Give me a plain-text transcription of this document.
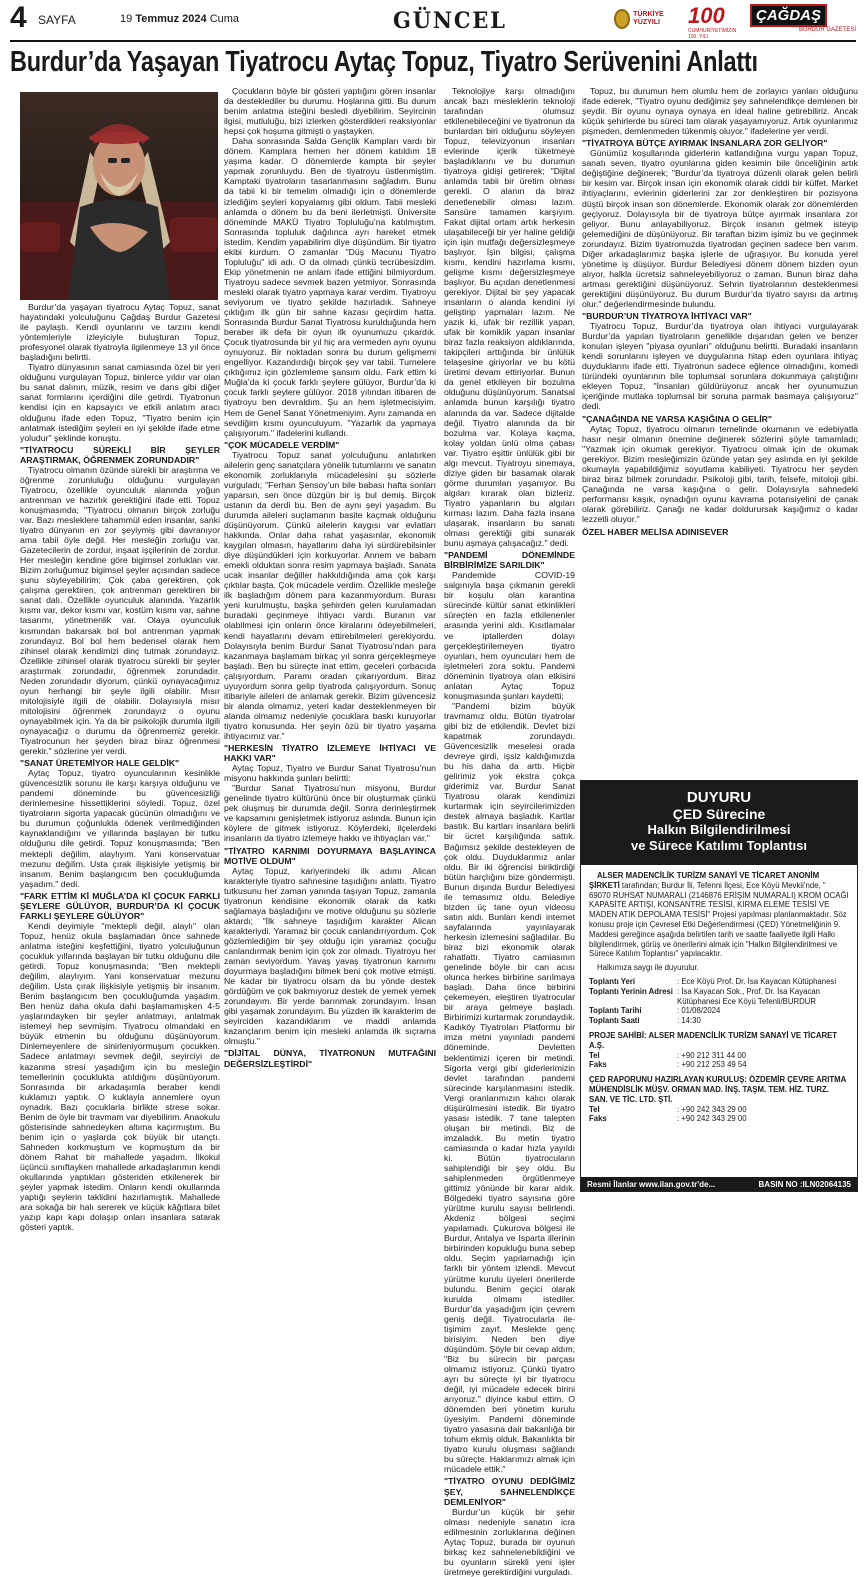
4 SAYFA	19 Temmuz 2024 Cuma	GÜNCEL	TÜRKİYE YÜZYILI	100
CUMHURİYETİMİZİN 100. YILI
ÇAĞDAŞ
BURDUR GAZETESİ
Burdur’da Yaşayan Tiyatrocu Aytaç Topuz, Tiyatro Serüvenini Anlattı

Burdur’da yaşayan tiyatrocu Aytaç Topuz, sanat hayatındaki yolculuğunu Çağdaş Burdur Gazetesi ile paylaştı. Kendi oyunlarını ve tarzını kendi yöntemleriyle izleyiciyle buluşturan Topuz, profesyonel olarak tiyatroyla ilgilenmeye 13 yıl önce başladığını belirtti.

Tiyatro dünyasının sanat camiasında özel bir yeri olduğunu vurgulayan Topuz, binlerce yıldır var olan bu sanat dalının, müzik, resim ve dans gibi diğer sanat formlarını içerdiğini dile getirdi. Tiyatronun kendisi için en kapsayıcı ve etkili anlatım aracı olduğunu ifade eden Topuz, "Tiyatro benim için anlatmak istediğim şeyleri en iyi şekilde ifade etme yoludur" şeklinde konuştu.

"TİYATROCU SÜREKLİ BİR ŞEYLER ARAŞTIRMAK, ÖĞRENMEK ZORUNDADIR"

Tiyatrocu olmanın özünde sürekli bir araştırma ve öğrenme zorunluluğu olduğunu vurgulayan Tiyatrocu, özellikle oyunculuk alanında yoğun antrenman ve hazırlık gerektiğini ifade etti. Topuz konuşmasında; "Tiyatrocu olmanın birçok zorluğu var. Bazı mesleklere tahammül eden insanlar, sanki tiyatro dünyanın en zor şeyiymiş gibi davranıyor ama tabii öyle değil. Her mesleğin zorluğu var. Gazetecilerin de zordur, inşaat işçilerinin de zordur. Her mesleğin kendine göre bigimsel zorlukları var. Bizim zorluğumuz bigimsel şeyler açısından sadece şunu söyleyebilirim; Çok çaba gerektiren, çok çalışma gerektiren, çok antrenman gerektiren bir sanat dalı. Özellikle oyunculuk alanında. Yazarlık kısmı var, dekor kısmı var, kostüm kısmı var, sahne tasarımı, yönetmenlik var. Olaya oyunculuk kısmından bakarsak bol bol antrenman yapmak zorundayız. Bol bol hem bedensel olarak hem zihinsel olarak kendimizi dinç tutmak zorundayız. Özellikle zihinsel olarak tiyatrocu sürekli bir şeyler araştırmak zorundadır, öğrenmek zorundadır. Neden zorundadır diyorum, çünkü oynayacağımız oyun herhangi bir şeyle ilgili olabilir. Mısır mitolojisiyle ilgili de olabilir. Dolayısıyla mısır mitolojisini öğrenmek zorundayız o oyunu oynayabilmek için. Ya da bir psikolojik durumla ilgili oynayacağız o durumu da öğrenmemiz gerekir. Tiyatrocunun her şeyden biraz biraz öğrenmesi gerekir." sözlerine yer verdi.

"SANAT ÜRETEMİYOR HALE GELDİK"

Aytaç Topuz, tiyatro oyuncularının kesinlikle güvencesizlik sorunu ile karşı karşıya olduğunu ve pandemi döneminde bu güvencesizliği derinlemesine hissettiklerini söyledi. Topuz, özel tiyatroların sigorta yapacak gücünün olmadığını ve bu durumun çoğunlukla ödenek verilmediğinden kaynaklandığını ve yıllarında başlayan bir tutku olduğunu dile getirdi. Topuz konuşmasında; "Ben mektepli değilim, alaylıyım. Yani konservatuar mezunu değilim. Usta çırak ilişkisiyle yetişmiş bir insanım. Benim başlangıcım ben çocukluğumda yaşadım." dedi.

"FARK ETTİM Kİ MUĞLA’DA Kİ ÇOCUK FARKLI ŞEYLERE GÜLÜYOR, BURDUR’DA Kİ ÇOCUK FARKLI ŞEYLERE GÜLÜYOR"

Kendi deyimiyle "mektepli değil, alaylı" olan Topuz, henüz okula başlamadan önce sahnede anlatma isteğini keşfettiğini, tiyatro yolculuğunun çocukluk yıllarında başlayan bir tutku olduğunu dile getirdi. Topuz konuşmasında; "Ben mektepli değilim, alaylıyım. Yani konservatuar mezunu değilim. Usta çırak ilişkisiyle yetişmiş bir insanım. Benim başlangıcım ben çocukluğumda yaşadım. Ben henüz daha okula dahi başlamamışken 4-5 yaşlarındayken bir şeyler anlatmayı, anlatmak istemeyi hep sevmişim. Tiyatrocu olmandaki en büyük etmenin bu olduğunu düşünüyorum. Dinlemeyenlere de sinirleniyormuşum çocukken. Sadece anlatmayı sevmek değil, seyirciyi de kazanma stresi yaşadığım için bu mesleğin temellerinin çocuklukta atıldığını düşünüyorum. Sonrasında bir arkadaşımla beraber kendi kuklamızı yaptık. O kuklayla annemlere oyun oynadık. Bazı çocuklarla birlikte strese sokar. Benim de öyle bir travmam var diyebilirim. Anaokulu gösterisinde sahnedeyken altıma kaçırmıştım. Bu benim için o yaşlarda çok büyük bir utançtı. Sahneden korkmuştum ve kopmuştum da bir dönem Rahat bir mahallede yaşadım. İlkokul üçüncü sınıftayken mahallede arkadaşlarımın kendi okullarında yaptıkları gösteriden etkilenerek bir şeyler yapmak istedim. Onların kendi okullarında yaptığı şeylerin taklidini hazırlamıştık. Mahallede ara sokağa bir halı sererek ve küçük kâğıtlara bilet yazıp kapı kapı dolaşıp onları insanlara satarak gösteri yaptık.

Çocukların böyle bir gösteri yaptığını gören insanlar da desteklediler bu durumu. Hoşlarına gitti. Bu durum benim anlatma isteğini besledi diyebilirim. Seyircinin ilgisi, mutluluğu, bizi izlerken gösterdikleri reaksiyonlar hepsi çok hoşuma gitmişti o yaştayken.

Daha sonrasında Salda Gençlik Kampları vardı bir dönem. Kamplara hemen her dönem katıldım 18 yaşıma kadar. O dönemlerde kampta bir şeyler yapmak zorunluydu. Ben de tiyatroyu üstlenmiştim. Kamptaki tiyatroların tasarlanmasını sağladım. Bunu da tabii ki bir temelim olmadığı için o dönemlerde izlediğim şeyleri kopyalamış gibi oldum. Tabii mesleki anlamda o dönem bu da beni ilerletmişti. Üniversite döneminde MAKÜ Tiyatro Topluluğu’na katılmıştım. Sonrasında topluluk dağılınca ayrı hareket etmek istedim. Kendim yapabilirim diye düşündüm. Bir tiyatro ekibi kurdum. O zamanlar "Düş Macunu Tiyatro Topluluğu" idi adı. O da olmadı çünkü tecrübesizdim. Ekip yönetmenin ne anlam ifade ettiğini bilmiyordum. Tiyatroyu sadece sevmek bazen yetmiyor. Sonrasında mesleki olarak tiyatro yapmaya karar verdim. Tiyatroyu seviyorum ve tiyatro şekilde hazırladık. Sahneye çıktığım ilk gün bir sahne kazası geçirdim hatta. Sonrasında Burdur Sanat Tiyatrosu kurulduğunda hem beraber ilk defa bir oyun ilk oyunumuzu çıkardık. Çocuk tiyatrosunda bir yıl hiç ara vermeden aynı oyunu oynuyoruz. Bir noktadan sonra bu durum gelişmemi engelliyor. Kazandırdığı birçok şey var tabii. Turnelere çıktığımız için gözlemleme şansım oldu. Fark ettim ki Muğla’da ki çocuk farklı şeylere gülüyor, Burdur’da ki çocuk farklı şeylere gülüyor. 2018 yılından itibaren de tiyatroyu ben devraldım. Şu an hem işletmecisiyim. Hem de Genel Sanat Yönetmeniyim. Aynı zamanda en sevdiğim kısmı oyunculuyum. "Yazarlık da yapmaya çalışıyorum." ifadelerini kullandı.

"ÇOK MÜCADELE VERDİM"

Tiyatrocu Topuz sanat yolculuğunu anlatırken ailelerin genç sanatçılara yönelik tutumlarını ve sanatın ekonomik zorluklarıyla mücadelesini şu sözlerle vurguladı; "Ferhan Şensoy’un bile babası hafta sonları yaparsın, sen önce düzgün bir iş bul demiş. Birçok ustanın da derdi bu. Ben de aynı şeyi yaşadım. Bu durumda aileleri suçlamanın basite kaçmak olduğunu düşünüyorum. Çünkü ailelerin kaygısı var evlatları hakkında. Onlar daha rahat yaşasınlar, ekonomik kaygıları olmasın, hayatlarını daha iyi sürdürebilsinler diye düşündükleri için korkuyorlar. Annem ve babam emekli olduktan sonra resim yapmaya başladı. Sanata ucak insanlar değiller hakkıldığında ama çok karşı çıktılar başta. Çok mücadele verdim. Özellikle mesleğe ilk başladığım dönem para kazanmıyordum. Burası yeni kurulmuştu, başka şehirden gelen kurulamadan buradaki geçinmeye ihtiyacı vardı. Buranın var olabilmesi için onların önce kiralarını ödeyebilmeleri, kendi hayatlarını devam ettirebilmeleri gerekiyordu. Dolayısıyla benim Burdur Sanat Tiyatrosu’ndan para kazanmaya başlamam birkaç yıl sonra gerçekleşmeye başladı. Ben bu süreçte inat ettim, geceleri çorbacıda çalışıyordum. Paramı oradan çıkarıyordum. Biraz uyuyordum sonra gelip tiyatroda çalışıyordum. Sonuç itibariyle aileleri de anlamak gerekir. Bizim güvencesiz bir alanda olmamız, yeteri kadar desteklenmeyen bir alanda olmamız nedeniyle çocuklara baskı kuruyorlar tiyatro konusunda. Her şeyin özü bir tiyatro yaşama ihtiyacımız var."

"HERKESİN TİYATRO İZLEMEYE İHTİYACI VE HAKKI VAR"

Aytaç Topuz, Tiyatro ve Burdur Sanat Tiyatrosu’nun misyonu hakkında şunları belirtti:

"Burdur Sanat Tiyatrosu’nun misyonu, Burdur genelinde tiyatro kültürünü önce bir oluşturmak çünkü pek oluşmuş bir durumda değil. Sonra derinleştirmek ve kapsamını genişletmek istiyoruz aslında. Bunun için köylere de gitmek istiyoruz. Köylerdeki, ilçelerdeki insanların da tiyatro izlemeye hakkı ve ihtiyaçları var."

"TİYATRO KARNIMI DOYURMAYA BAŞLAYINCA MOTİVE OLDUM"

Aytaç Topuz, kariyerindeki ilk adımı Alican karakteriyle tiyatro sahnesine taşıdığını anlattı. Tiyatro tutkusunu her zaman yanında taşıyan Topuz, zamanla tiyatronun kendisine ekonomik olarak da katkı sağlamaya başladığını ve motive olduğunu şu sözlerle aktardı; "İlk sahneye taşıdığım karakter Alican karakteriydi. Yaramaz bir çocuk canlandırıyordum. Çok gözlemlediğim bir şey olduğu için yaramaz çocuğu canlandırmak benim için çok zor olmadı. Tiyatroyu her zaman seviyordum. Yavaş yavaş tiyatronun karnımı doyurmaya başladığını bilmek beni çok motive etmişti. Ne kadar bir tiyatrocu olsam da bu yönde destek gördüğüm ve çok bakmıyoruz destek de yemek yemek zorundayım. Bir yerde barınmak zorundayım. İnsan gibi yaşamak zorundayım. Bu yüzden ilk karakterim de seyirciden kazandıklarım ve maddi anlamda kazançlarım benim için mesleki anlamda ilk sıçrama olmuştu."

"DİJİTAL DÜNYA, TİYATRONUN MUTFAĞINI DEĞERSİZLEŞTİRDİ"

Teknolojiye karşı olmadığını ancak bazı mesleklerin teknoloji tarafından olumsuz etkilenebileceğini ve tiyatronun da bunlardan biri olduğunu söyleyen Topuz, televizyonun insanları evlerinde içerik tüketmeye başladıklarını ve bu durumun tiyatroya gidişi getirerek; "Dijital anlamda tabii bir üretim olması gerekli. O alanın da biraz denetlenebilir olması lazım. Sansüre tamamen karşıyım. Fakat dijital ortam artık herkesin ulaşabileceği bir yer haline geldiği için işin mutfağı değersizleşmeye başlıyor. İşin bilgisi, çalışma kısmı, kendini hazırlama kısmı, gelişme kısmı değersizleşmeye başlıyor. Bu açıdan denetlenmesi gerekiyor. Dijital bir şey yapacak insanların o alanda kendini iyi geliştirip yapmaları lazım. Ne yazık ki, ufak bir rezillik yapan, ufak bir komiklik yapan insanlar biraz fazla reaksiyon aldıklarında, takipçileri arttığında bir ünlülük telaşesine giriyorlar ve bu kötü üretimi devam ettiriyorlar. Bunun da genel etkileyen bir bozulma olduğunu düşünüyorum. Sanatsal anlamda bunun karşılığı tiyatro alanında da var. Sadece dijitalde değil. Tiyatro alanında da bir bozulma var. Kolaya kaçma, kolay yoldan ünlü olma çabası var. Tiyatro eşittir ünlülük gibi bir algı mevcut. Tiyatroyu sinemaya, diziye giden bir basamak olarak görme durumları yaşanıyor. Bu algıları kırarak olan bizleriz. Tiyatro yapanların bu algıları kırması lazım. Daha fazla insana ulaşarak, insanların bu sanatı olması gerektiği gibi sunarak bunu aşmaya çalışacağız." dedi.

"PANDEMİ DÖNEMİNDE BİRBİRİMİZE SARILDIK"

Pandemide COVID-19 salgınıyla başa çıkmanın gerekli bir koşulu olan karantina sürecinde kültür sanat etkinlikleri süreçten en fazla etkilenenler arasında yerini aldı. Kısıtlamalar ve iptallerden dolayı gerçekleştirilemeyen tiyatro oyunları, hem oyuncuları hem de işletmeleri zora soktu. Pandemi döneminin tiyatroya olan etkisini anlatan Aytaç Topuz konuşmasında şunları kaydetti;

"Pandemi bizim büyük travmamız oldu. Bütün tiyatrolar gibi biz de etkilendik. Devlet bizi kapatmak zorundaydı. Güvencesizlik meselesi orada devreye girdi, işsiz kaldığımızda bu his daha da arttı. Hiçbir gelirimiz yok ekstra çokça giderimiz var. Burdur Sanat Tiyatrosu olarak kendimizi kurtarmak için seyircilerimizden destek almaya başladık. Kartlar bastık. Bu kartları insanlara belirli bir ücret karşılığında sattık. Bağımsız şekilde destekleyen de çok oldu. Duyduklarımız anlar oldu. Bir iki öğrencisi biriktirdiği bütün harçlığını bize göndermişti. Bunun dışında Burdur Belediyesi ile temasımız oldu. Belediye bizden üç tane oyun videosu satın aldı. Bunları kendi internet sayfalarında yayınlayarak herkesin izlemesini sağladılar. Bu biraz bizi ekonomik olarak rahatlattı. Tiyatro camiasının genelinde böyle bir can acısı olunca herkes birbirine sarılmaya başladı. Daha önce birbirini çekemeyen, eleştiren tiyatrocular bir araya gelmeye başladı. Birbirimizi kurtarmak zorundaydık. Kadıköy Tiyatroları Platformu bir imza metni yayınladı pandemi döneminde. Devletten beklentimizi içeren bir metindi. Sigorta vergi gibi giderlerimizin devlet tarafından pandemi sürecinde karşılanmasını istedik. Vergi oranlarımızın kalıcı olarak düşürülmesini istedik. Bir tiyatro yasası istedik. 7 tane talepten oluşan bir metindi. Biz de imzaladık. Bu metin tiyatro camiasında o kadar hızla yayıldı ki. Bütün tiyatrocuların sahiplendiği bir şey oldu. Bu sahiplenmeden örgütlenmeye gittimiz yönünde bir karar aldık. Bölgedeki tiyatro sayısına göre yürütme kurulu sayısı belirlendi. Akdeniz bölgesi seçimi yapılamadı. Çukurova bölgesi ile Burdur, Antalya ve Isparta illerinin birbirinden kopukluğu buna sebep oldu. Seçim yapılamadığı için farklı bir yöntem izlendi. Mevcut yürütme kurulu üyeleri önerilerde bulundu. Benim geçici olarak kurulda olmamı istediler. Burdur’da yaşadığım için çevrem geniş değil. Tiyatrocularla ile-tişimim zayıf. Meslekte genç birisiyim. Neden ben diye düşündüm. Şöyle bir cevap aldım; "Biz bu sürecin bir parçası olmamız istiyoruz. Çünkü tiyatro ayrı bu süreçte iyi bir tiyatrocu değil, iyi mücadele edecek birini arıyoruz." diyince kabul ettim. O dönemden beri yönetim kurulu üyesiyim. Pandemi döneminde tiyatro yasasına dair bakanlığa bir tohum ekmiş olduk. Bakanlıkta bir tiyatro kurulu oluşması sağlandı bu süreçte. Haklarımızı almak için mücadele ettik."

"TİYATRO OYUNU DEDİĞİMİZ ŞEY, SAHNELENDİKÇE DEMLENİYOR"

Burdur’un küçük bir şehir olması nedeniyle sanatın icra edilmesinin zorluklarına değinen Aytaç Topuz, burada bir oyunun birkaç kez sahnelenebildiğini ve bu oyunların sürekli yeni işler üretmeye gerektirdiğini vurguladı.

Topuz, bu durumun hem olumlu hem de zorlayıcı yanları olduğunu ifade ederek, "Tiyatro oyunu dediğimiz şey sahnelendikçe demlenen bir şeydir. Bir oyunu oynaya oynaya en ideal haline getirebiliriz. Ancak küçük şehirlerde bu süreci tam olarak yaşayamıyoruz. Artık oyunlarımız pişmeden, demlenmeden tükenmiş oluyor." ifadelerine yer verdi.

"TİYATROYA BÜTÇE AYIRMAK İNSANLARA ZOR GELİYOR"

Günümüz koşullarında giderlerin katlandığına vurgu yapan Topuz, sanatı seven, tiyatro oyunlarına giden kesimin bile önceliğinin artık değiştiğine değinerek; "Burdur’da tiyatroya düzenli olarak gelen belirli bir kesim var. Birçok insan için ekonomik olarak ciddi bir külfet. Market ihtiyaçlarını, evlerinin giderlerini zar zor denkleştiren bir pozisyona düştü birçok insan son dönemlerde. Ekonomik olarak zor dönemlerden geçiyoruz. Dolayısıyla bir de tiyatroya bütçe ayırmak insanlara zor geliyor. Bunu anlayabiliyoruz. Birçok insanın gelmek isteyip gelemediğini de düşünüyoruz. Bir taraftan bizim işimiz bu ve geçinmek zorundayız. Bizim tiyatromuzda tiyatrodan geçinen sadece ben varım. Diğer arkadaşlarımız başka işlerle de uğraşıyor. Bu konuda yerel yönetime iş düşüyor. Burdur Belediyesi dönem dönem bizden oyun alıyor, halkla ücretsiz sahneleyebiliyoruz o zaman. Bunun biraz daha artması gerektiğini düşünüyoruz. Sehrin tiyatrolarının desteklenmesi gerektiğini düşünüyoruz. Bu durum Burdur’da tiyatro sayısı da artmış olur." değerlendirmesinde bulundu.

"BURDUR’UN TİYATROYA İHTİYACI VAR"

Tiyatrocu Topuz, Burdur’da tiyatroya olan ihtiyacı vurgulayarak Burdur’da yapılan tiyatroların genellikle dışarıdan gelen ve benzer konuları işleyen "piyasa oyunları" olduğunu belirtti. Buradaki insanların kendi sorunlarını işleyen ve duygularına hitap eden oyunlara ihtiyaç duyduklarını ifade etti. Tiyatronun sadece eğlence olmadığını, komedi türündeki oyunlarının bile toplumsal sorunlara dokunmaya çalıştığını ekleyen Topuz, "İnsanları güldürüyoruz ancak her oyunumuzun içeriğinde mutlaka toplumsal bir soruna parmak basmaya çalışıyoruz" dedi.

"ÇANAĞINDA NE VARSA KAŞIĞINA O GELİR"

Aytaç Topuz, tiyatrocu olmanın temelinde okumanın ve edebiyatla hasır neşir olmanın önemine değinerek sözlerini şöyle tamamladı; "Yazmak için okumak gerekiyor. Tiyatrocu olmak için de okumak gerekiyor. Bizim mesleğimizin özünde yatan şey aslında en iyi şekilde okumayla yapabildiğimiz soyutlama kabiliyeti. Tiyatrocu her şeyden biraz biraz bilmek zorundadır. Psikoloji gibi, tarih, felsefe, mitoloji gibi. Çanağında ne varsa kaşığına o gelir. Dolayısıyla sahnedeki performansı kaşık, oynadığın oyunu kavrama potansiyelini de çanak olarak görebiliriz. Çanağı ne kadar doldurursak kaşığımız o kadar lezzetli oluyor."

ÖZEL HABER MELİSA ADINISEVER
DUYURU
ÇED Sürecine
Halkın Bilgilendirilmesi
ve Sürece Katılımı Toplantısı

ALSER MADENCİLİK TURİZM SANAYİ VE TİCARET ANONİM ŞİRKETİ tarafından; Burdur İli, Tefenni İlçesi, Ece Köyü Mevkii’nde, " 69070 RUHSAT NUMARALI (2146876 ERİŞİM NUMARALI) KROM OCAĞI KAPASİTE ARTIŞI, KONSANTRE TESİSİ, KIRMA ELEME TESİSİ VE MADEN ATIK DEPOLAMA TESİSİ" Projesi yapılması planlanmaktadır. Söz konusu proje için Çevresel Etki Değerlendirmesi (ÇED) Yönetmeliğinin 9. Maddesi gereğince aşağıda belirtilen tarih ve saatte faaliyetle ilgili Halkı bilgilendirmek, görüş ve önerilerini almak için "Halkın Bilgilendirilmesi ve Sürece Katılım Toplantısı" yapılacaktır.

Halkımıza saygı ile duyurulur.

Toplantı Yeri	: Ece Köyü Prof. Dr. İsa Kayacan Kütüphanesi
Toplantı Yerinin Adresi : İsa Kayacan Sok., Prof. Dr. İsa Kayacan Kütüphanesi Ece Köyü Tefenli/BURDUR
Toplantı Tarihi	: 01/08/2024
Toplantı Saati	: 14:30
PROJE SAHİBİ: ALSER MADENCİLİK TURİZM SANAYİ VE TİCARET A.Ş.
Tel	: +90 212 311 44 00
Faks	: +90 212 253 49 54
ÇED RAPORUNU HAZIRLAYAN KURULUŞ: ÖZDEMİR ÇEVRE ARITMA MÜHENDİSLİK MÜŞV. ORMAN MAD. İNŞ. TAŞM. TEM. HİZ. TURZ. SAN. VE TİC. LTD. ŞTİ.
Tel	: +90 242 343 29 00
Faks	: +90 242 343 29 00
Resmi İlanlar www.ilan.gov.tr'de...	BASIN NO :ILN02064135
